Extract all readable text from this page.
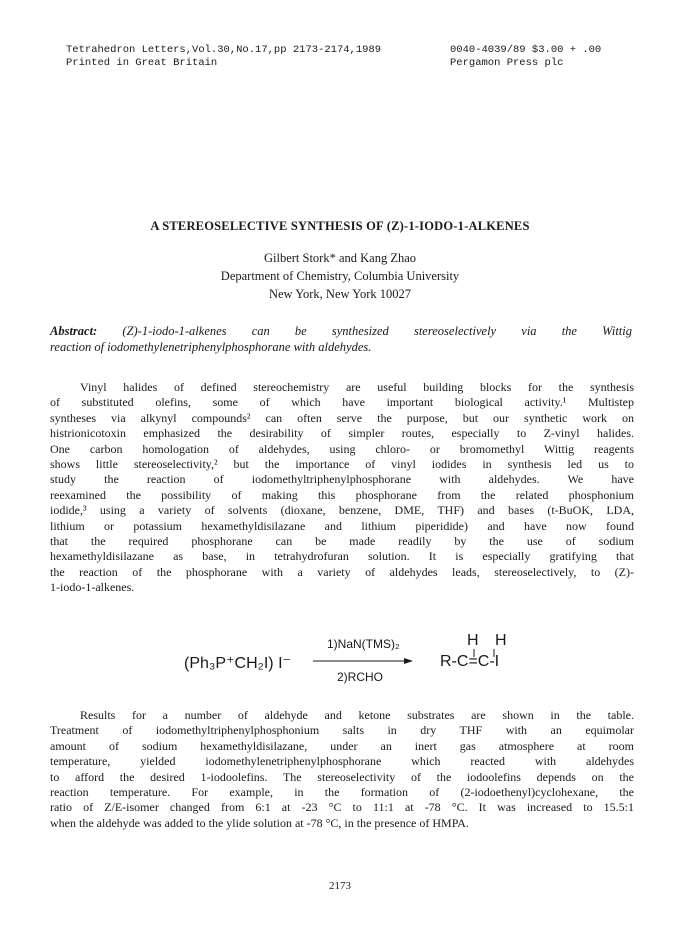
Tetrahedron Letters,Vol.30,No.17,pp 2173-2174,1989	0040-4039/89 $3.00 + .00
Printed in Great Britain	Pergamon Press plc
A STEREOSELECTIVE SYNTHESIS OF (Z)-1-IODO-1-ALKENES
Gilbert Stork* and Kang Zhao
Department of Chemistry, Columbia University
New York, New York 10027
Abstract: (Z)-1-iodo-1-alkenes can be synthesized stereoselectively via the Wittig
reaction of iodomethylenetriphenylphosphorane with aldehydes.
Vinyl halides of defined stereochemistry are useful building blocks for the synthesis
of substituted olefins, some of which have important biological activity.¹ Multistep
syntheses via alkynyl compounds² can often serve the purpose, but our synthetic work on
histrionicotoxin emphasized the desirability of simpler routes, especially to Z-vinyl halides.
One carbon homologation of aldehydes, using chloro- or bromomethyl Wittig reagents
shows little stereoselectivity,² but the importance of vinyl iodides in synthesis led us to
study the reaction of iodomethyltriphenylphosphorane with aldehydes. We have
reexamined the possibility of making this phosphorane from the related phosphonium
iodide,³ using a variety of solvents (dioxane, benzene, DME, THF) and bases (t-BuOK, LDA,
lithium or potassium hexamethyldisilazane and lithium piperidide) and have now found
that the required phosphorane can be made readily by the use of sodium
hexamethyldisilazane as base, in tetrahydrofuran solution. It is especially gratifying that
the reaction of the phosphorane with a variety of aldehydes leads, stereoselectively, to (Z)-
1-iodo-1-alkenes.
(Ph₃P⁺CH₂I) I⁻
1)NaN(TMS)₂
2)RCHO
H H
R-C=C-I
Results for a number of aldehyde and ketone substrates are shown in the table.
Treatment of iodomethyltriphenylphosphonium salts in dry THF with an equimolar
amount of sodium hexamethyldisilazane, under an inert gas atmosphere at room
temperature, yielded iodomethylenetriphenylphosphorane which reacted with aldehydes
to afford the desired 1-iodoolefins. The stereoselectivity of the iodoolefins depends on the
reaction temperature. For example, in the formation of (2-iodoethenyl)cyclohexane, the
ratio of Z/E-isomer changed from 6:1 at -23 °C to 11:1 at -78 °C. It was increased to 15.5:1
when the aldehyde was added to the ylide solution at -78 °C, in the presence of HMPA.
2173
